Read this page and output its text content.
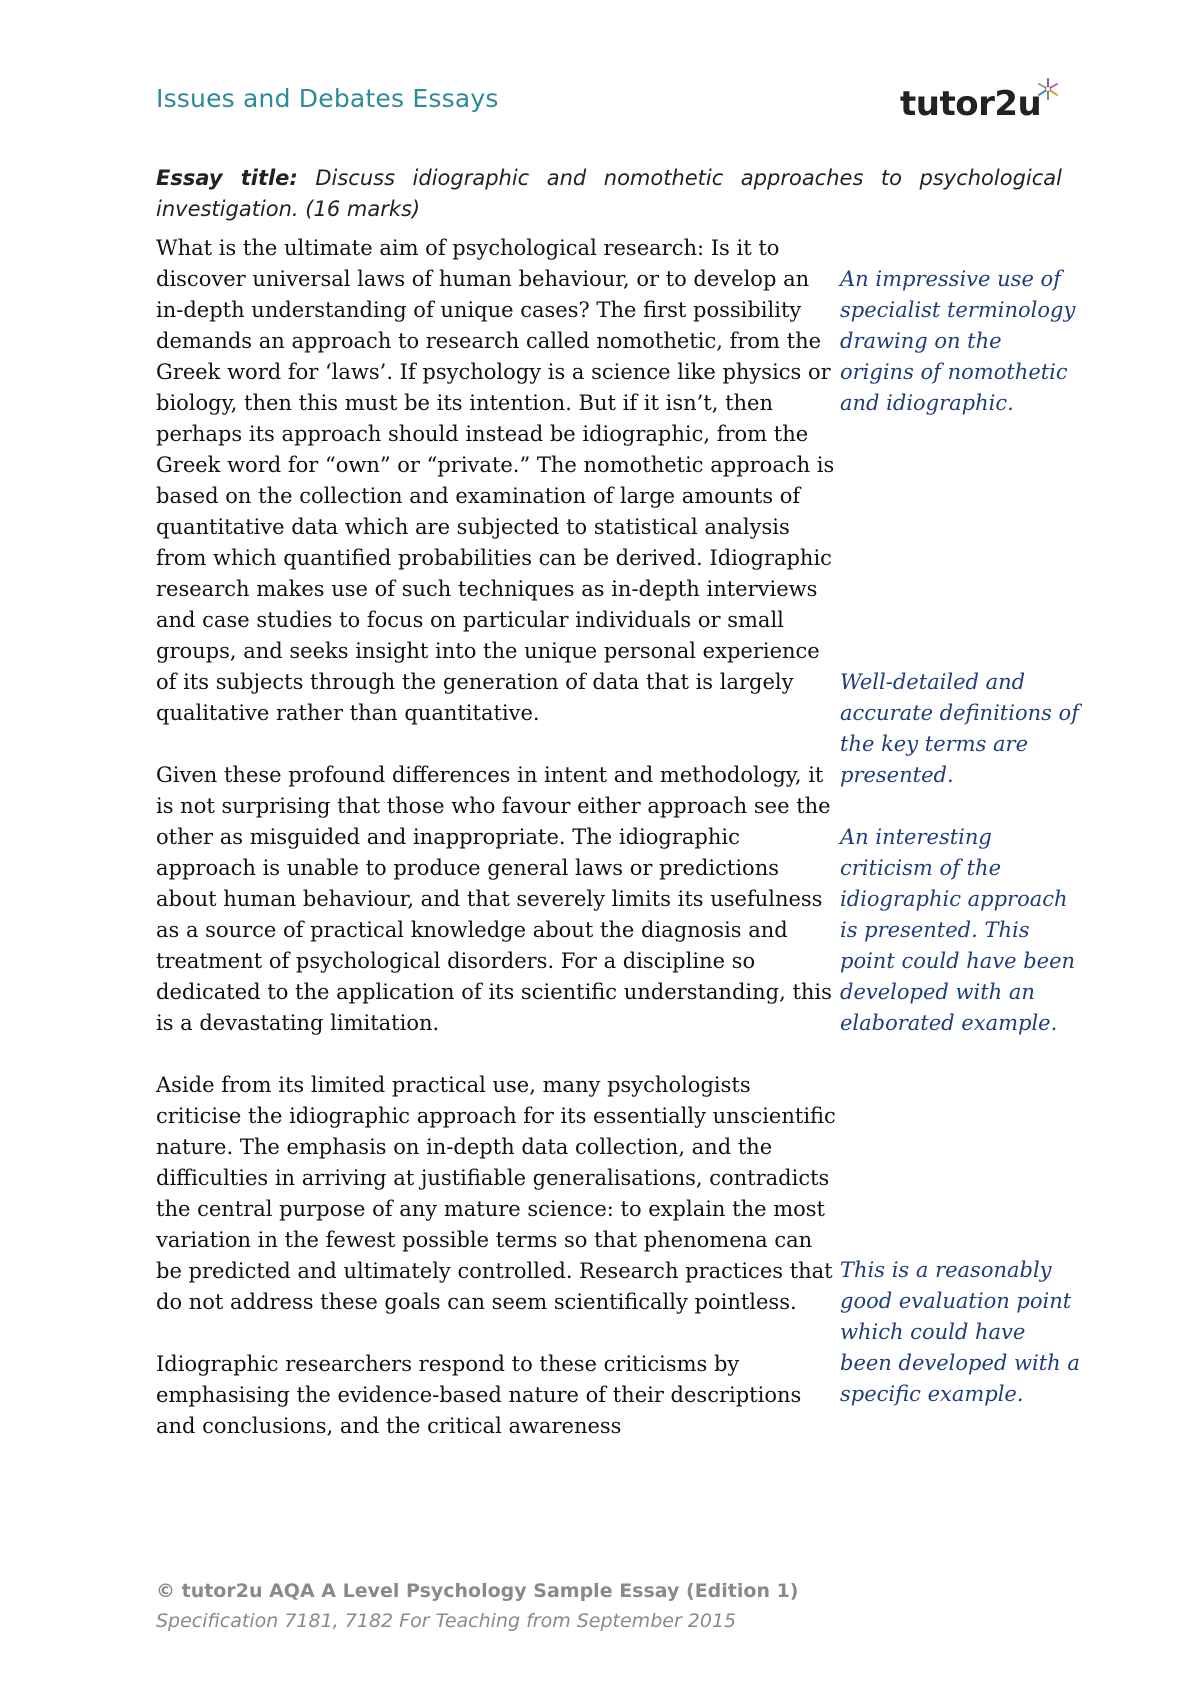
Issues and Debates Essays	tutor2u
Essay title: Discuss idiographic and nomothetic approaches to psychological investigation. (16 marks)

What is the ultimate aim of psychological research: Is it to discover universal laws of human behaviour, or to develop an in-depth understanding of unique cases? The first possibility demands an approach to research called nomothetic, from the Greek word for ‘laws’. If psychology is a science like physics or biology, then this must be its intention. But if it isn’t, then perhaps its approach should instead be idiographic, from the Greek word for “own” or “private.” The nomothetic approach is based on the collection and examination of large amounts of quantitative data which are subjected to statistical analysis from which quantified probabilities can be derived. Idiographic research makes use of such techniques as in-depth interviews and case studies to focus on particular individuals or small groups, and seeks insight into the unique personal experience of its subjects through the generation of data that is largely qualitative rather than quantitative.

Given these profound differences in intent and methodology, it is not surprising that those who favour either approach see the other as misguided and inappropriate. The idiographic approach is unable to produce general laws or predictions about human behaviour, and that severely limits its usefulness as a source of practical knowledge about the diagnosis and treatment of psychological disorders. For a discipline so dedicated to the application of its scientific understanding, this is a devastating limitation.

Aside from its limited practical use, many psychologists criticise the idiographic approach for its essentially unscientific nature. The emphasis on in-depth data collection, and the difficulties in arriving at justifiable generalisations, contradicts the central purpose of any mature science: to explain the most variation in the fewest possible terms so that phenomena can be predicted and ultimately controlled. Research practices that do not address these goals can seem scientifically pointless.

Idiographic researchers respond to these criticisms by emphasising the evidence-based nature of their descriptions and conclusions, and the critical awareness

An impressive use of specialist terminology drawing on the origins of nomothetic and idiographic.
Well-detailed and accurate definitions of the key terms are presented.
An interesting criticism of the idiographic approach is presented. This point could have been developed with an elaborated example.
This is a reasonably good evaluation point which could have been developed with a specific example.
© tutor2u AQA A Level Psychology Sample Essay (Edition 1)
Specification 7181, 7182 For Teaching from September 2015
